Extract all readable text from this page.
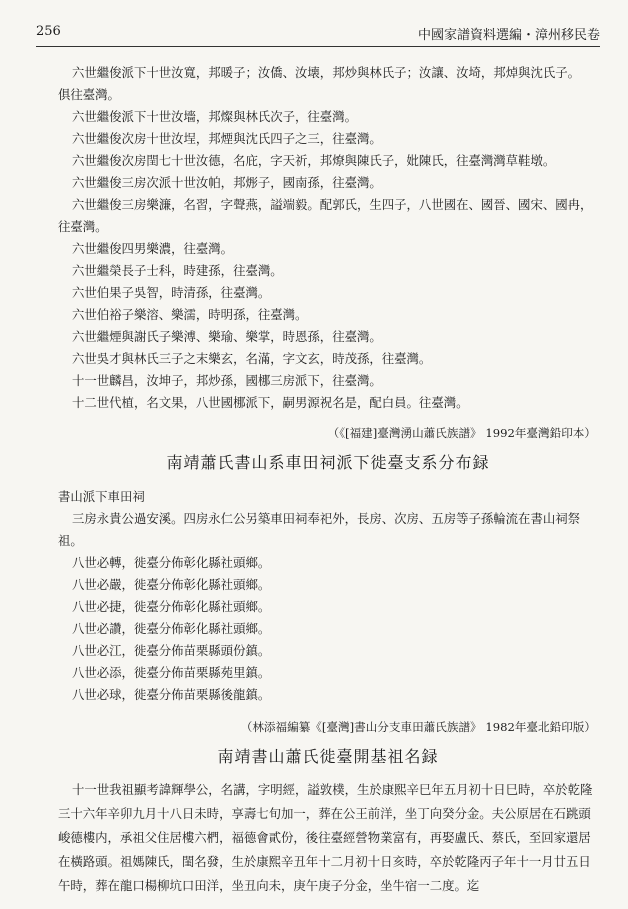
256	中國家譜資料選編・漳州移民卷

六世繼俊派下十世汝寬，邦暖子；汝僑、汝壊，邦炒與林氏子；汝讓、汝埼，邦焯與沈氏子。

俱往臺灣。

六世繼俊派下十世汝墻，邦燦與林氏次子，往臺灣。

六世繼俊次房十世汝埕，邦煙與沈氏四子之三，往臺灣。

六世繼俊次房閏七十世汝德，名庇，字天祈，邦燎與陳氏子，妣陳氏，往臺灣灣草鞋墩。

六世繼俊三房次派十世汝帕，邦烿子，國南孫，往臺灣。

六世繼俊三房樂濂，名習，字聲燕，謚端毅。配郭氏，生四子，八世國在、國晉、國宋、國冉，

往臺灣。

六世繼俊四男樂濃，往臺灣。

六世繼榮長子士科，時建孫，往臺灣。

六世伯果子吳智，時清孫，往臺灣。

六世伯裕子樂溶、樂濡，時明孫，往臺灣。

六世繼煙與謝氏子樂溥、樂瑜、樂掌，時恩孫，往臺灣。

六世吳才與林氏三子之末樂玄，名滿，字文玄，時茂孫，往臺灣。

十一世麟昌，汝坤子，邦炒孫，國梛三房派下，往臺灣。

十二世代植，名文果，八世國梛派下，嗣男源祝名是，配白員。往臺灣。

（《[福建]臺灣湧山蕭氏族譜》 1992年臺灣鉛印本）

南靖蕭氏書山系車田祠派下徙臺支系分布録

書山派下車田祠

三房永貴公過安溪。四房永仁公另築車田祠奉祀外，長房、次房、五房等子孫輪流在書山祠祭祖。

八世必轉，徙臺分佈彰化縣社頭鄉。

八世必嚴，徙臺分佈彰化縣社頭鄉。

八世必捷，徙臺分佈彰化縣社頭鄉。

八世必讚，徙臺分佈彰化縣社頭鄉。

八世必江，徙臺分佈苗栗縣頭份鎮。

八世必添，徙臺分佈苗栗縣苑里鎮。

八世必球，徙臺分佈苗栗縣後龍鎮。

（林添福編纂《[臺灣]書山分支車田蕭氏族譜》 1982年臺北鉛印版）

南靖書山蕭氏徙臺開基祖名録

十一世我祖顯考諱輝學公，名講，字明經，謚敦樸，生於康熙辛巳年五月初十日巳時，卒於乾隆三十六年辛卯九月十八日未時，享壽七旬加一，葬在公王前洋，坐丁向癸分金。夫公原居在石跳頭峻德樓内，承祖父住居樓六椚，福德會貳份，後往臺經營物業富有，再娶盧氏、蔡氏，至回家還居在橫路頭。祖媽陳氏，閨名發，生於康熙辛丑年十二月初十日亥時，卒於乾隆丙子年十一月廿五日午時，葬在龍口楊柳坑口田洋，坐丑向未，庚午庚子分金，坐牛宿一二度。迄
